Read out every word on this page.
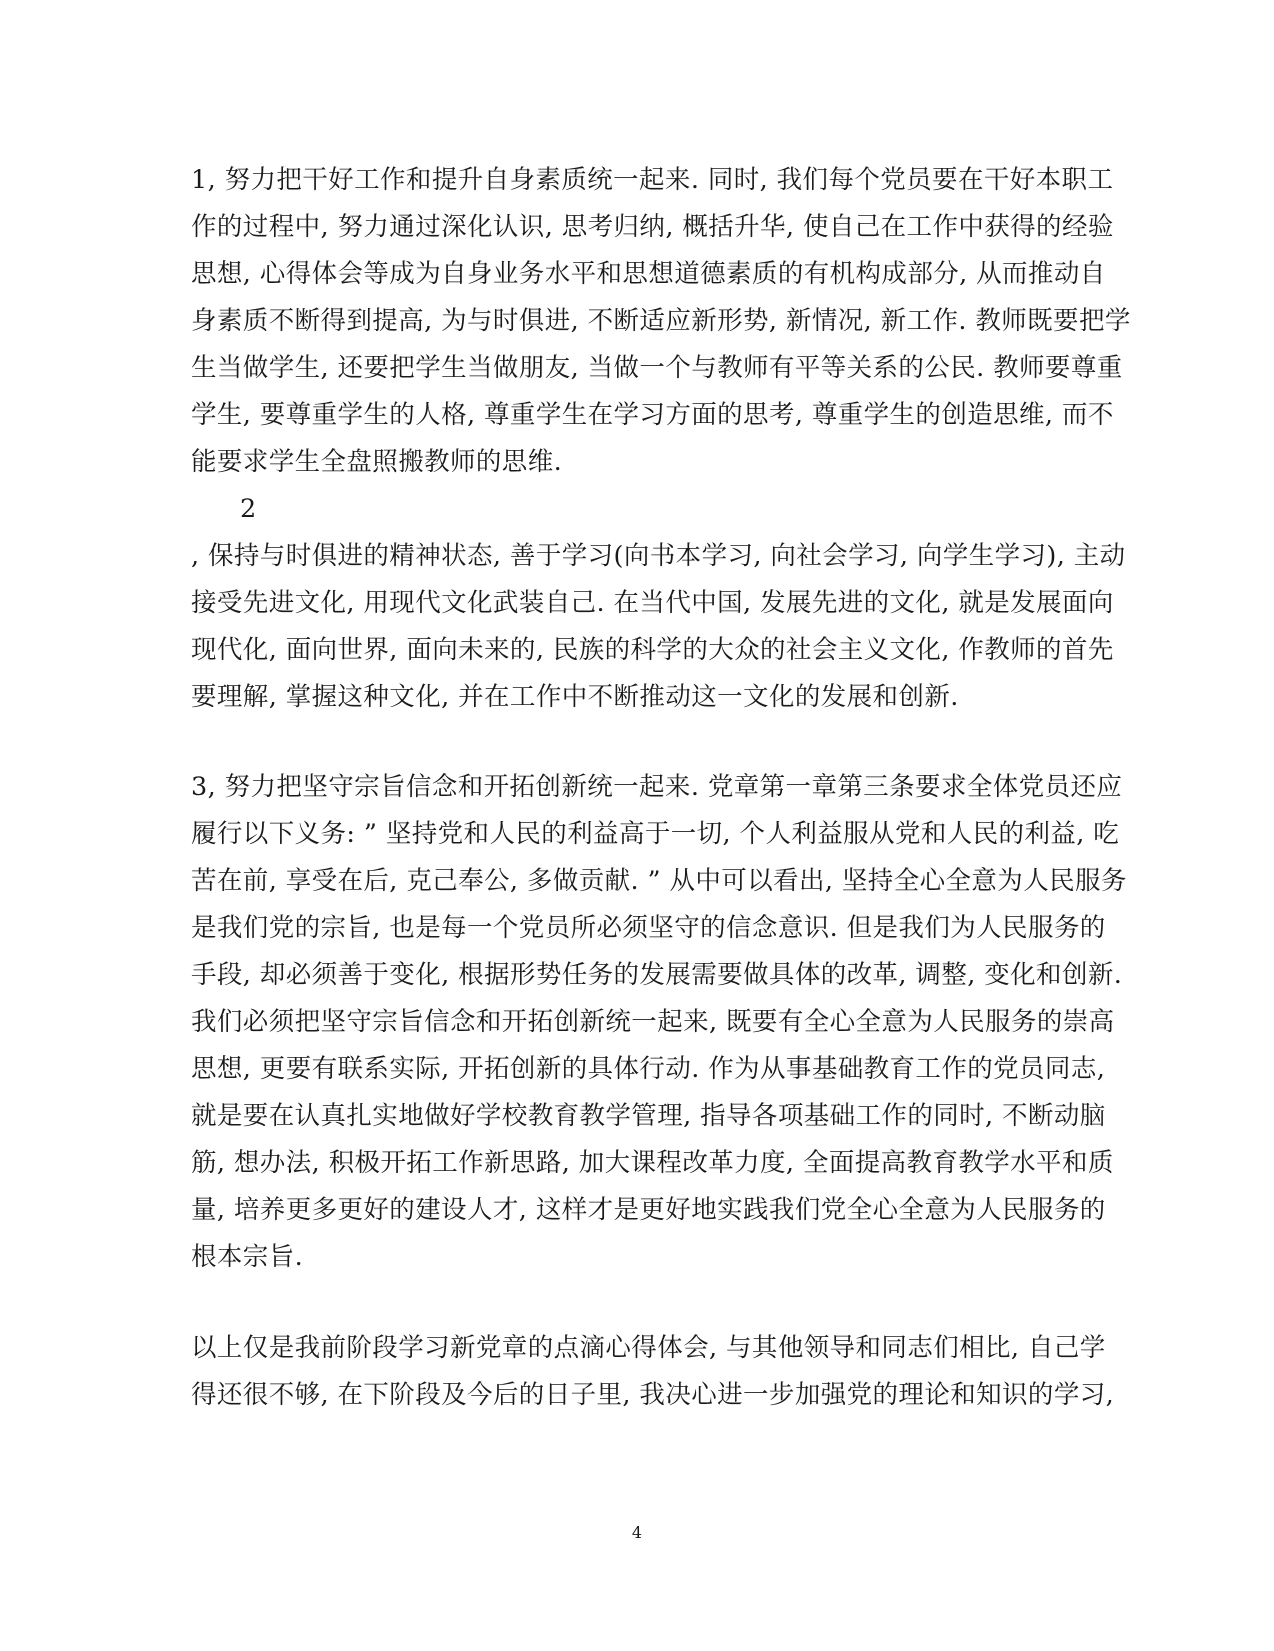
1, 努力把干好工作和提升自身素质统一起来. 同时, 我们每个党员要在干好本职工
作的过程中, 努力通过深化认识, 思考归纳, 概括升华, 使自己在工作中获得的经验
思想, 心得体会等成为自身业务水平和思想道德素质的有机构成部分, 从而推动自
身素质不断得到提高, 为与时俱进, 不断适应新形势, 新情况, 新工作. 教师既要把学
生当做学生, 还要把学生当做朋友, 当做一个与教师有平等关系的公民. 教师要尊重
学生, 要尊重学生的人格, 尊重学生在学习方面的思考, 尊重学生的创造思维, 而不
能要求学生全盘照搬教师的思维.
2
, 保持与时俱进的精神状态, 善于学习(向书本学习, 向社会学习, 向学生学习), 主动
接受先进文化, 用现代文化武装自己. 在当代中国, 发展先进的文化, 就是发展面向
现代化, 面向世界, 面向未来的, 民族的科学的大众的社会主义文化, 作教师的首先
要理解, 掌握这种文化, 并在工作中不断推动这一文化的发展和创新.
3, 努力把坚守宗旨信念和开拓创新统一起来. 党章第一章第三条要求全体党员还应
履行以下义务: ” 坚持党和人民的利益高于一切, 个人利益服从党和人民的利益, 吃
苦在前, 享受在后, 克己奉公, 多做贡献. ” 从中可以看出, 坚持全心全意为人民服务
是我们党的宗旨, 也是每一个党员所必须坚守的信念意识. 但是我们为人民服务的
手段, 却必须善于变化, 根据形势任务的发展需要做具体的改革, 调整, 变化和创新.
我们必须把坚守宗旨信念和开拓创新统一起来, 既要有全心全意为人民服务的崇高
思想, 更要有联系实际, 开拓创新的具体行动. 作为从事基础教育工作的党员同志,
就是要在认真扎实地做好学校教育教学管理, 指导各项基础工作的同时, 不断动脑
筋, 想办法, 积极开拓工作新思路, 加大课程改革力度, 全面提高教育教学水平和质
量, 培养更多更好的建设人才, 这样才是更好地实践我们党全心全意为人民服务的
根本宗旨.
以上仅是我前阶段学习新党章的点滴心得体会, 与其他领导和同志们相比, 自己学
得还很不够, 在下阶段及今后的日子里, 我决心进一步加强党的理论和知识的学习,
4
